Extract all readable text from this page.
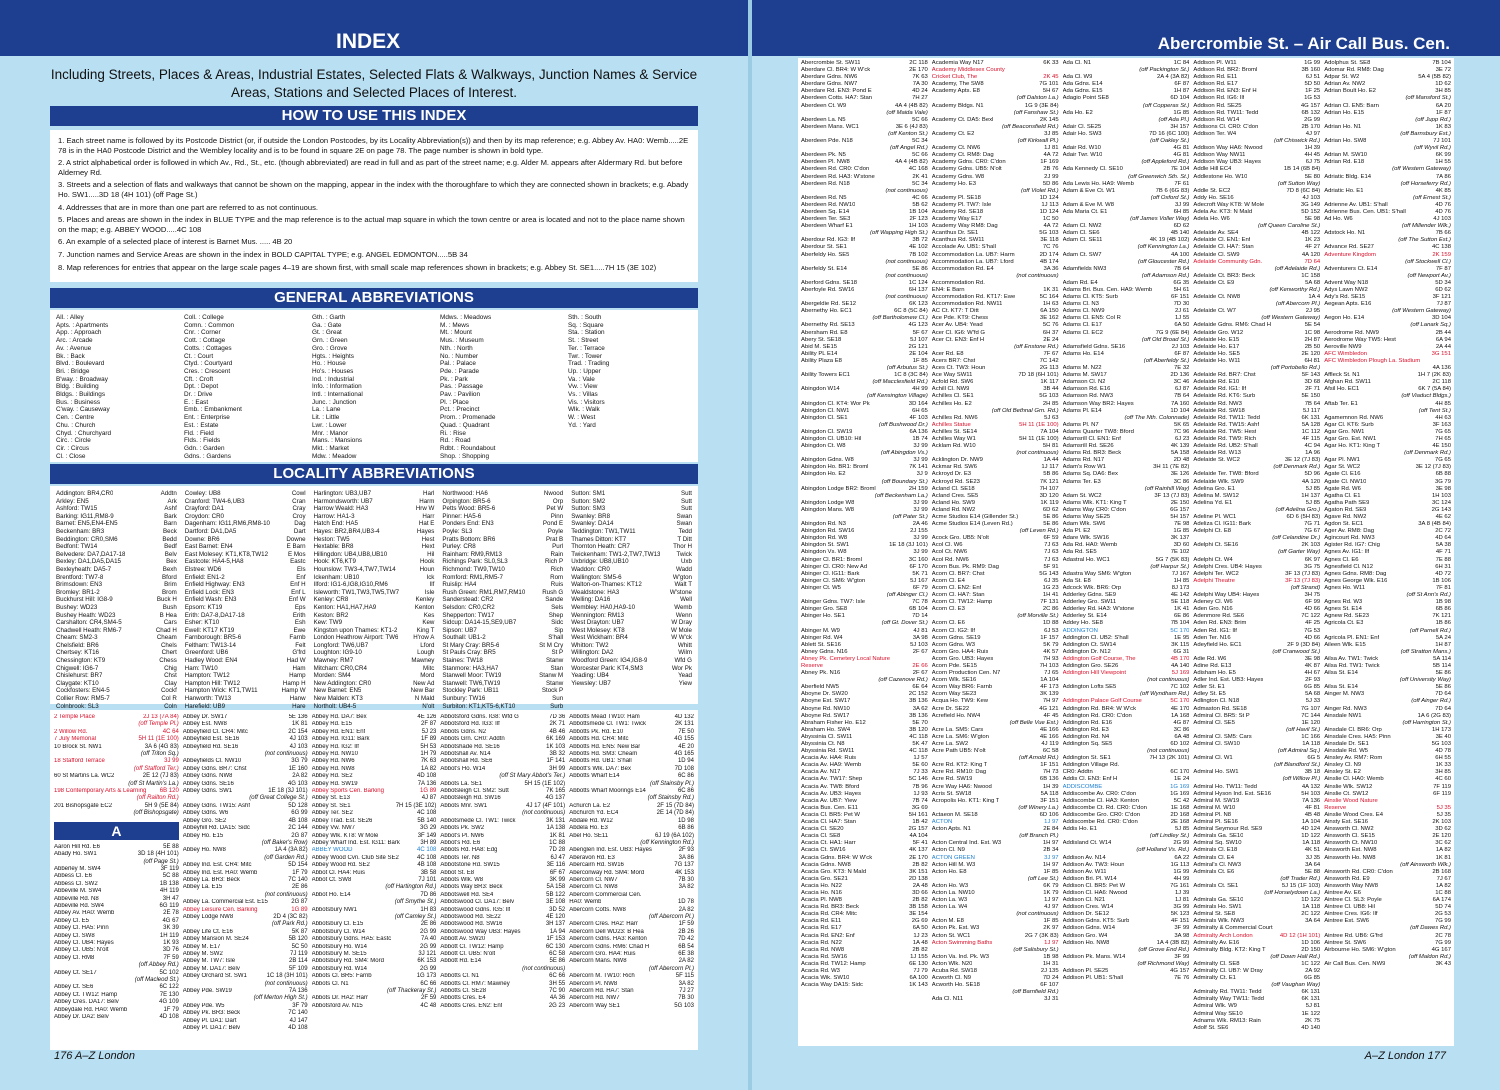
INDEX
Including Streets, Places & Areas, Industrial Estates, Selected Flats & Walkways, Junction Names & Service Areas, Stations and Selected Places of Interest.
HOW TO USE THIS INDEX
1. Each street name is followed by its Postcode District (or, if outside the London Postcodes, by its Locality Abbreviation(s)) and then by its map reference; e.g. Abbey Av. HA0: Wemb.....2E 78 is in the HA0 Postcode District and the Wembley locality and is to be found in square 2E on page 78. The page number is shown in bold type.
2. A strict alphabetical order is followed in which Av., Rd., St., etc. (though abbreviated) are read in full and as part of the street name; e.g. Alder M. appears after Aldermary Rd. but before Alderney Rd.
3. Streets and a selection of flats and walkways that cannot be shown on the mapping, appear in the index with the thoroughfare to which they are connected shown in brackets; e.g. Abady Ho. SW1.....3D 18 (4H 101) (off Page St.)
4. Addresses that are in more than one part are referred to as not continuous.
5. Places and areas are shown in the index in BLUE TYPE and the map reference is to the actual map square in which the town centre or area is located and not to the place name shown on the map; e.g. ABBEY WOOD.....4C 108
6. An example of a selected place of interest is Barnet Mus. ..... 4B 20
7. Junction names and Service Areas are shown in the index in BOLD CAPITAL TYPE; e.g. ANGEL EDMONTON.....5B 34
8. Map references for entries that appear on the large scale pages 4–19 are shown first, with small scale map references shown in brackets; e.g. Abbey St. SE1.....7H 15 (3E 102)
GENERAL ABBREVIATIONS
All. : Alley
Apts. : Apartments
App. : Approach
Arc. : Arcade
Av. : Avenue
Bk. : Back
Blvd. : Boulevard
Bri. : Bridge
B'way. : Broadway
Bldg. : Building
Bldgs. : Buildings
Bus. : Business
C'way. : Causeway
Cen. : Centre
Chu. : Church
Chyd. : Churchyard
Circ. : Circle
Cir. : Circus
Cl. : Close
Coll. : College
Comn. : Common
Cnr. : Corner
Cott. : Cottage
Cotts. : Cottages
Ct. : Court
Ctyd. : Courtyard
Cres. : Crescent
Cft. : Croft
Dpt. : Depot
Dr. : Drive
E. : East
Emb. : Embankment
Ent. : Enterprise
Est. : Estate
Fld. : Field
Flds. : Fields
Gdn. : Garden
Gdns. : Gardens
Gth. : Garth
Ga. : Gate
Gt. : Great
Grn. : Green
Gro. : Grove
Hgts. : Heights
Ho. : House
Ho's. : Houses
Ind. : Industrial
Info. : Information
Intl. : International
Junc. : Junction
La. : Lane
Lit. : Little
Lwr. : Lower
Mnr. : Manor
Mans. : Mansions
Mkt. : Market
Mdw. : Meadow
Mdws. : Meadows
M. : Mews
Mt. : Mount
Mus. : Museum
Nth. : North
No. : Number
Pal. : Palace
Pde. : Parade
Pk. : Park
Pas. : Passage
Pav. : Pavilion
Pl. : Place
Pct. : Precinct
Prom. : Promenade
Quad. : Quadrant
Ri. : Rise
Rd. : Road
Rdbt. : Roundabout
Shop. : Shopping
Sth. : South
Sq. : Square
Sta. : Station
St. : Street
Ter. : Terrace
Twr. : Tower
Trad. : Trading
Up. : Upper
Va. : Vale
Vw. : View
Vs. : Villas
Vis. : Visitors
Wlk. : Walk
W. : West
Yd. : Yard
LOCALITY ABBREVIATIONS
Addington: BR4,CR0	Addtn
Arkley: EN5	Ark
Ashford: TW15	Ashf
Barking: IG11,RM8-9	Bark
Barnet: EN5,EN4-EN5	Barn
Beckenham: BR3	Beck
Beddington: CR0,SM6	Bedd
Bedfont: TW14	Bedf
Belvedere: DA7,DA17-18	Belv
Bexley: DA1,DA5,DA15	Bex
Bexleyheath: DA5-7	Bexh
Brentford: TW7-8	Bford
Brimsdown: EN3	Brim
Bromley: BR1-2	Brom
Buckhurst Hill: IG8-9	Buck H
Bushey: WD23	Bush
Bushey Heath: WD23	B Hea
Carshalton: CR4,SM4-5	Cars
Chadwell Heath: RM6-7	Chad H
Cheam: SM2-3	Cheam
Chelsfield: BR6	Chels
Chertsey: KT16	Chert
Chessington: KT9	Chess
Chigwell: IG6-7	Chig
Chislehurst: BR7	Chst
Claygate: KT10	Clay
Cockfosters: EN4-5	Cockf
Collier Row: RM5-7	Col R
Colnbrook: SL3	Coln
Cowley: UB8	Cowl
Cranford: TW4-6,UB3	Cran
Crayford: DA1	Cray
Croydon: CR0	Croy
Dagenham: IG11,RM6,RM8-10	Dag
Dartford: DA1,DA5	Dart
Downe: BR6	Downe
East Barnet: EN4	E Barn
East Molesey: KT1,KT8,TW12	E Mos
Eastcote: HA4-5,HA8	Eastc
Elstree: WD6	Els
Enfield: EN1-2	Enf
Enfield Highway: EN3	Enf H
Enfield Lock: EN3	Enf L
Enfield Wash: EN3	Enf W
Epsom: KT19	Eps
Erith: DA7-8,DA17-18	Erith
Esher: KT10	Esh
Ewell: KT17 KT19	Ewe
Farnborough: BR5-6	Farnb
Feltham: TW13-14	Felt
Greenford: UB6	G'frd
Hadley Wood: EN4	Had W
Ham: TW10	Ham
Hampton: TW12	Hamp
Hampton Hill: TW12	Hamp H
Hampton Wick: KT1,TW11	Hamp W
Hanworth: TW13	Hanw
Harefield: UB9	Hare
Harlington: UB3,UB7	Harl
Harmondsworth: UB7	Harm
Harrow Weald: HA3	Hrw W
Harrow: HA1-3	Harr
Hatch End: HA5	Hat E
Hayes: BR2,BR4,UB3-4	Hayes
Heston: TW5	Hest
Hextable: BR8	Hext
Hillingdon: UB4,UB8,UB10	Hil
Hook: KT6,KT9	Hook
Hounslow: TW3-4,TW7,TW14	Houn
Ickenham: UB10	Ick
Ilford: IG1-6,IG8,IG10,RM6	Ilf
Isleworth: TW1,TW3,TW5,TW7	Isle
Kenley: CR8	Kenley
Kenton: HA1,HA7,HA9	Kenton
Keston: BR2	Kes
Kew: TW9	Kew
Kingston upon Thames: KT1-2	King T
London Heathrow Airport: TW6 H'row A
Longford: TW6,UB7	Lford
Loughton: IG9-10	Lough
Mawney: RM7	Mawney
Mitcham: CR0,CR4	Mitc
Morden: SM4	Mord
New Addington: CR0	New Ad
New Barnet: EN5	New Bar
New Malden: KT3	N Mald
Northolt: UB4-5	N'olt
Northwood: HA6	Nwood
Orpington: BR5-6	Orp
Petts Wood: BR5-6	Pet W
Pinner: HA5-6	Pinn
Ponders End: EN3	Pond E
Poyle: SL3	Poyle
Pratts Bottom: BR6	Prat B
Purley: CR8	Purl
Rainham: RM9,RM13	Rain
Richings Park: SL0,SL3	Rich P
Richmond: TW9,TW10	Rich
Romford: RM1,RM5-7	Rom
Ruislip: HA4	Ruis
Rush Green: RM1,RM7,RM10	Rush G
Sanderstead: CR2	Sande
Selsdon: CR0,CR2	Sels
Shepperton: TW17	Shep
Sidcup: DA14-15,SE9,UB7	Sidc
Sipson: UB7	Sip
Southall: UB1-2	S'hall
St Mary Cray: BR5-6	St M Cry
St Pauls Cray: BR5	St P
Staines: TW18	Stanw
Stanmore: HA3,HA7	Stan
Stanwell Moor: TW19	Stanw M
Stanwell: TW6,TW19	Stanw
Stockley Park: UB11	Stock P
Sunbury: TW16	Sun
Surbiton: KT1,KT5-6,KT10	Surb
Sutton: SM1	Sutt
Sutton: SM2	Sutt
Sutton: SM3	Sutt
Swanley: BR8	Swan
Swanley: DA14	Swan
Teddington: TW1,TW11	Tedd
Thames Ditton: KT7	T Ditt
Thornton Heath: CR7	Thor H
Twickenham: TW1-2,TW7,TW13	Twick
Uxbridge: UB8,UB10	Uxb
Waddon: CR0	Wadd
Wallington: SM5-6	W'gton
Walton-on-Thames: KT12	Walt T
Wealdstone: HA3	W'stone
Welling: DA16	Well
Wembley: HA0,HA9-10	Wemb
Wennington: RM13	Wenn
West Drayton: UB7	W Dray
West Molesey: KT8	W Mole
West Wickham: BR4	W W'ck
Whitton: TW2	Whitt
Willington: DA2	Wilm
Woodford Green: IG4,IG8-9	Wfd G
Worcester Park: KT4,SM3	Wor Pk
Yeading: UB4	Yead
Yiewsley: UB7	Yiew
2 Temple Place	2J 13 (7A 84)
(off Temple Pl.)
2 Willow Rd.	4C 64
7 July Memorial	5H 11 (1E 100)
10 Brock St. NW1	3A 6 (4G 83)
(off Triton Sq.)
18 Stafford Terrace	3J 99
(off Stafford Ter.)
60 St Martins La. WC2	2E 12 (7J 83)
(off St Martin's La.)
198 Contemporary Arts & Learning	6B 120
(off Railton Rd.)
201 Bishopsgate EC2	5H 9 (5E 84)
(off Bishopsgate)
A
Aaron Hill Rd. E6	5E 88
Abady Ho. SW1	3D 18 (4H 101)
(off Page St.)
Abberley M. SW4	3F 119
Abbess Cl. E6	5C 88
Abbess Cl. SW2	1B 138
Abbeville M. SW4	4H 119
Abbeville Rd. N8	3H 47
Abbeville Rd. SW4	6G 119
Abbey Av. HA0: Wemb	2E 78
Abbey Cl. E5	4G 67
Abbey Cl. HA5: Pinn	3K 39
Abbey Cl. SW8	1H 119
Abbey Cl. UB4: Hayes	1K 93
Abbey Cl. UB5: N'olt	3D 76
Abbey Cl. RM8	7F 59
(off Abbey Rd.)
Abbey Ct. SE17	5C 102
(off Macleod St.)
Abbey Ct. SE6	6C 122
Abbey Ct. TW12: Hamp	7E 130
Abbey Cres. DA17: Belv	4G 109
Abbeydale Rd. HA0: Wemb	1F 79
Abbey Dr. DA2: Belv	4D 108
Abbey Dr. SW17	5E 136
Abbey Est. NW8	1K 81
Abbeyfield Cl. CR4: Mitc	2C 154
Abbeyfield Est. SE16	4J 103
Abbeyfield Rd. SE16	4J 103
(not continuous)
Abbeyfields Cl. NW10	3G 79
Abbey Gdns. BR7: Chst	1E 160
Abbey Gdns. NW8	2A 82
Abbey Gdns. SE16	4G 103
Abbey Gdns. SW1	1E 18 (3J 101)
(off Great College St.)
Abbey Gdns. TW15: Ashf	5D 128
Abbey Gdns. W6	6G 99
Abbey Gro. SE2	4B 108
Abbeyhill Rd. DA15: Sidc	2C 144
Abbey Ho. E15	2G 87
(off Baker's Row)
Abbey Ho. NW8	1A 4 (3A 82)
(off Garden Rd.)
Abbey Ind. Est. CR4: Mitc	5D 154
Abbey Ind. Est. HA0: Wemb	1F 79
Abbey La. BR3: Beck	7C 140
Abbey La. E15	2E 86
(not continuous)
Abbey La. Commercial Est. E15	2G 87
Abbey Leisure Cen. Barking	1G 89
Abbey Lodge NW8	2D 4 (3C 82)
(off Park Rd.)
Abbey Life Ct. E16	5K 87
Abbey Mansion M. SE24	5B 120
Abbey M. E17	5C 50
Abbey M. SW2	7J 119
Abbey M. TW7: Isle	2B 114
Abbey M. DA17: Belv	5F 109
Abbey Orchard St. SW1	1C 18 (3H 101)
(not continuous)
Abbey Pde. SW19	7A 136
(off Merton High St.)
Abbey Pde. W5	3F 79
Abbey Pk. BR3: Beck	7C 140
Abbey Pl. DA1: Dart	4J 147
Abbey Pl. DA17: Belv	4D 108
Abbey Rd. DA7: Bex	4E 126
Abbey Rd. E15	2F 87
Abbey Rd. EN1: Enf	5J 23
Abbey Rd. IG11: Bark	1F 89
Abbey Rd. IG2: Ilf	5H 53
Abbey Rd. NW10	1H 79
Abbey Rd. NW6	7K 63
Abbey Rd. NW8	1A 82
Abbey Rd. SE2	4D 108
Abbey Rd. SW19	7A 136
Abbey Sports Cen. Barking	1G 89
Abbey St. E13	4J 87
Abbey St. SE1	7H 15 (3E 102)
Abbey Ter. SE2	4C 108
Abbey Trad. Est. SE26	5B 140
Abbey Vw. NW7	3G 29
Abbey Wlk. KT8: W Mole	3F 149
Abbey Wharf Ind. Est. IG11: Bark	3H 89
ABBEY WOOD	4C 108
Abbey Wood Cvn. Club Site SE2	4C 108
Abbey Wood Rd. SE2	4B 108
Abbot Cl. HA4: Ruis	3B 58
Abbot Ct. SW8	7J 101
(off Hartington Rd.)
Abbot Ho. E14	7D 86
(off Smythe St.)
Abbotsbury NW1	1H 83
(off Camley St.)
Abbotsbury Cl. E15	2E 86
Abbotsbury Cl. W14	2G 99
Abbotsbury Gdns. HA5: Eastc	7A 40
Abbotsbury Ho. W14	2G 99
Abbotsbury M. SE15	3J 121
Abbotsbury Rd. SM4: Mord	6K 153
Abbotsbury Rd. W14	2G 99
Abbots Cl. BR5: Farnb	1G 173
Abbots Cl. N1	6C 66
(off Thackeray St.)
Abbots Dr. HA2: Harr	2F 59
Abbotsford Av. N15	4C 48
Abbotsford Gdns. IG8: Wfd G	7D 36
Abbotsford Rd. IG3: Ilf	2K 71
Abbots Gdns. N2	4B 46
Abbots Grn. CR0: Addtn	6K 169
Abbotshade Rd. SE16	1K 103
Abbotshall Av. N14	3B 32
Abbotshall Rd. SE6	1F 141
Abbot's Ho. W14	3H 99
(off St Mary Abbot's Ter.)
Abbots La. SE1	5H 15 (1E 102)
Abbotsleigh Cl. SM2: Sutt	7K 165
Abbotsleigh Rd. SW16	4G 137
Abbots Mnr. SW1	4J 17 (4F 101)
(not continuous)
Abbotsmede Cl. TW1: Twick	3K 131
Abbots Pk. SW2	1A 138
Abbot's Pl. NW6	1K 81
Abbot's Rd. E6	1C 88
Abbots Rd. HA8: Edg	7D 28
Abbots Ter. N8	6J 47
Abbotstone Rd. SW15	3E 116
Abbot St. E8	6F 67
Abbots Wlk. W8	3K 99
Abbots Way BR3: Beck	5A 158
Abbotswell Rd. SE4	5B 122
Abbotswood Cl. DA17: Belv	3E 108
Abbotswood Gdns. IG5: Ilf	3D 52
Abbotswood Rd. SE22	4E 120
Abbotswood Rd. SW16	3H 137
Abbotswood Way UB3: Hayes	1A 94
Abbott Av. SW20	1F 153
Abbott Cl. TW12: Hamp	6C 130
Abbott Cl. UB5: N'olt	6C 58
Abbott Rd. E14	5E 86
(not continuous)
Abbotts Cl. N1	6C 66
Abbotts Cl. RM7: Mawney	3H 55
Abbotts Cl. SE28	7C 90
Abbotts Cres. E4	4A 36
Abbotts Cres. EN2: Enf	2G 23
Abbotts Mead TW10: Ham	4D 132
Abbottsmede Cl. TW1: Twick	2K 131
Abbotts Pk. Rd. E10	7E 50
Abbotts Rd. CR4: Mitc	4G 155
Abbotts Rd. EN5: New Bar	4E 20
Abbotts Rd. SM3: Cheam	4G 165
Abbotts Rd. UB1: S'hall	1D 94
Abbott's Wlk. DA7: Bex	7D 108
Abbotts Wharf E14	6C 86
(off Stainsby Pl.)
Abbotts Wharf Moorings E14	6C 86
(off Stainsby Rd.)
Achurch La. E2	2F 15 (7D 84)
Abchurch Yd. EC4	2E 14 (7D 84)
Abdale Rd. W12	1D 98
Abdela Ho. E3	6B 86
Abel Ho. SE11	6J 19 (6A 102)
(off Kennington Rd.)
Abenglen Ind. Est. UB3: Hayes	2F 93
Aberavon Rd. E3	3A 86
Abercairn Rd. SW16	7G 137
Aberconway Rd. SM4: Mord	4K 153
Abercorn Cl. NW7	7B 30
Abercorn Cl. NW8	3A 82
Abercorn Commercial Cen.
HA0: Wemb	1D 78
Abercorn Cotts. NW8	2A 82
(off Abercorn Pl.)
Abercorn Cres. HA2: Harr	1F 59
Abercorn Dell WD23: B Hea	2B 26
Abercorn Gdns. HA3: Kenton	7D 42
Abercorn Gdns. RM6: Chad H	6B 54
Abercorn Gro. HA4: Ruis	6E 38
Abercorn Mans. NW8	2A 82
(off Abercorn Pl.)
Abercorn M. TW10: Rich	5F 115
Abercorn Pl. NW8	3A 82
Abercorn Rd. HA7: Stan	7J 27
Abercorn Rd. NW7	7B 30
Abercorn Way SE1	5G 103
176 A–Z London
Abercrombie St. – Air Call Bus. Cen.
Abercrombie St. SW11	2C 118
Aberdare Cl. BR4: W W'ck	2E 170
Aberdare Gdns. NW6	7K 63
Aberdare Gdns. NW7	7A 30
Aberdare Rd. EN3: Pond E	4D 24
Aberdeen Cotts. HA7: Stan	7H 27
Aberdeen Ct. W9	4A 4 (4B 82)
(off Maida Vale)
Aberdeen La. N5	5C 66
Aberdeen Mans. WC1	3E 6 (4J 83)
(off Kenton St.)
Aberdeen Pde. N18	5C 34
(off Angel Rd.)
Aberdeen Pk. N5	5C 66
Aberdeen Pl. NW8	4A 4 (4B 82)
Aberdeen Rd. CR0: C'don	4C 168
Aberdeen Rd. HA3: W'stone	2K 41
Aberdeen Rd. N18	5C 34
(not continuous)
Aberdeen Rd. N5	4C 66
Aberdeen Rd. NW10	5B 62
Aberdeen Sq. E14	1B 104
Aberdeen Ter. SE3	2F 123
Aberdeen Wharf E1	1H 103
(off Wapping High St.)
Aberdour Rd. IG3: Ilf	3B 72
Aberdour St. SE1	4E 102
Aberfeldy Ho. SE5	7B 102
(not continuous)
Aberfeldy St. E14	5E 86
(not continuous)
Aberford Gdns. SE18	1C 124
Aberfoyle Rd. SW16	6H 137
(not continuous)
Abergeldie Rd. SE12	6K 123
Abernethy Ho. EC1	6C 8 (5C 84)
(off Bartholomew Cl.)
Abernethy Rd. SE13	4G 123
Abersham Rd. E8	5F 67
Abery St. SE18	5J 107
Abid M. SE15	2G 121
Ability PL E14	2E 104
Ability Plaza E8	1F 85
(off Arbutus St.)
Ability Towers EC1	1C 8 (3C 84)
(off Macclesfield Rd.)
Abingdon W14	4H 99
(off Kensington Village)
Abingdon Cl. KT4: Wor Pk	3D 164
Abingdon Cl. NW1	6H 65
Abingdon Cl. SE1	4F 103
(off Bushwood Dr.)
Abingdon Cl. SW19	6A 136
Abingdon Cl. UB10: Hil	1B 74
Abingdon Ct. W8	3J 99
(off Abingdon Vs.)
Abingdon Gdns. W8	3J 99
Abingdon Ho. BR1: Broml	7K 141
Abingdon Ho. E2	3J 9
(off Boundary St.)
Abingdon Lodge BR2: Broml	2H 159
(off Beckenham La.)
Abingdon Lodge W8	3J 99
Abingdon Mans. W8	3J 99
(off Pater St.)
Abingdon Rd. N3	2A 46
Abingdon Rd. SW16	2J 155
Abingdon Rd. W8	3J 99
Abingdon St. SW1	1E 18 (3J 101)
Abingdon Vs. W8	3J 99
Abinger Cl. BR1: Broml	3C 160
Abinger Cl. CR0: New Ad	6F 170
Abinger Cl. IG11: Bark	5K 71
Abinger Cl. SM6: W'gton	5J 167
Abinger Ct. W5	6F 79
(off Abinger Cl.)
Abinger Gdns. TW7: Isle	7C 78
Abinger Gro. SE8	6B 104
Abinger Ho. SE1	7D 14
(off Gt. Dover St.)
Abinger M. W9	4J 81
Abinger Rd. W4	3A 98
Ablett St. SE16	5J 103
Abney Gdns. N16	2F 67
Abney Pk. Cemetery Local Nature
Reserve	2E 66
Abney Pk. N16	2F 67
(off Cazenove Rd.)
Aberfield NW5	6E 64
Aboyne Dr. SW20	2C 152
Aboyne Est. SW17	3B 136
Aboyne Rd. NW10	3A 62
Aboyne Rd. SW17	3B 136
Abraham Fisher Ho. E12	5E 70
Abraham Ho. SW4	3B 120
Abyssinia Cl. SW11	4C 118
Abyssinia Ct. N8	5K 47
Abyssinia Rd. SW11	4C 118
Acacia Av. HA4: Ruis	1J 57
Acacia Av. HA9: Wemb	5E 60
Acacia Av. N17	7J 33
Acacia Av. TW17: Shep	5C 146
Acacia Av. TW8: Bford	7B 96
Acacia Av. UB3: Hayes	1J 93
Acacia Av. UB7: Yiew	7B 74
Acacia Bus. Cen. E11	3G 69
Acacia Cl. BR5: Pet W	5H 161
Acacia Cl. HA7: Stan	1B 42
Acacia Cl. SE20	2G 157
Acacia Cl. SE8	4A 104
Acacia Ct. HA1: Harr	5F 41
Acacia Ct. SW16	4K 137
Acacia Gdns. BR4: W W'ck	2E 170
Acacia Gdns. NW8	2B 82
Acacia Gro. KT3: N Mald	3K 151
Acacia Gro. SE21	2D 138
Acacia Ho. N22	2A 48
Acacia Ho. N16	3D 66
Acacia Pl. NW8	2B 82
Acacia Rd. BR3: Beck	3B 158
Acacia Rd. CR4: Mitc	3E 154
Acacia Rd. E11	2G 69
Acacia Rd. E17	6A 50
Acacia Rd. EN2: Enf	1J 23
Acacia Rd. N22	1A 48
Acacia Rd. NW8	2B 82
Acacia Rd. SW16	1J 155
Acacia Rd. TW12: Hamp	6E 130
Acacia Rd. W3	7J 79
Acacia Wik. SW10	6A 100
Acacia Way DA15: Sidc	1K 143
Academia Way N17	6K 33
Academy Middlesex County
Cricket Club, The	2K 45
Academy, The SW8	7G 101
Academy Apts. E8	5H 67
(off Dalston La.)
Academy Bldgs. N1	1G 9 (3E 84)
(off Fanshaw St.)
Academy Ct. DA5: Bexl	2K 145
(off Beaconsfield Rd.)
Academy Ct. E2	3J 85
(off Kirkwall Pl.)
Academy Ct. NW6	1J 81
Academy Ct. RM8: Dag	4A 72
Academy Gdns. CR0: C'don	1F 169
Academy Gdns. UB5: N'olt	2B 76
Academy Gdns. W8	2J 99
Academy Ho. E3	5D 86
(off Violet Rd.)
Academy Pl. SE18	1D 124
Academy Pl. TW7: Isle	1J 113
Academy Rd. SE18	1D 124
Academy Way E17	1C 50
Academy Way RM8: Dag	4A 72
Acanthus Dr. SE1	5G 103
Acanthus Rd. SW11	3E 118
Accolade Av. UB1: S'hall	7C 76
Accommodation La. UB7: Harm	2D 174
Accommodation La. UB7: Lford	4B 174
Accommodation Rd. E4	3A 36
(not continuous)
Accommodation Rd.
EN4: E Barn	1K 31
Accommodation Rd. KT17: Ewe	5C 164
Accommodation Rd. NW11	1H 63
AC Ct. KT7: T Ditt	6A 150
Ace Pde. KT9: Chess	3E 162
Acer Av. UB4: Yead	5C 76
Acer Cl. IG6: W'fd G	6H 37
Acer Ct. EN3: Enf H	2E 24
(off Enstone Rd.)
Acer Rd. E8	7F 67
Acers BR7: Chst	7C 142
Aces Ct. TW3: Houn	2G 113
Ace Way SW11	7D 18 (6H 101)
Acfold Rd. SW6	1K 117
Achill Cl. NW9	3B 44
Achilles Cl. SE1	5G 103
Achilles Ho. E2	2H 85
(off Old Bethnal Grn. Rd.)
Achilles Rd. NW6	5J 63
Achilles Statue	5H 11 (1E 100)
Achilles St. SE14	7A 104
Achilles Way W1	5H 11 (1E 100)
Acklam Rd. W10	5H 81
(not continuous)
Acklington Dr. NW9	1A 44
Ackmar Rd. SW6	1J 117
Ackroyd Dr. E3	5B 86
Ackroyd Rd. SE23	7K 121
Acland Cl. SE18	7H 107
Acland Cres. SE5	3D 120
Acland Ho. SW9	1K 119
Acland Rd. NW2	6D 62
Acme Studios E14 (Gillender St.)	5E 86
Acme Studios E14 (Leven Rd.)	5E 86
(off Leven Rd.)
Acock Gro. UB5: N'olt	6F 59
Acol Cl. W6	7J 63
Acol Ct. NW6	7J 63
Acol Rd. NW6	7J 63
Acorn Bus. Pk. RM9: Dag	5F 91
Acorn Cl. BR7: Chst	5G 143
Acorn Cl. E4	6J 35
Acorn Cl. EN2: Enf	1G 23
Acorn Cl. HA7: Stan	1H 41
Acorn Cl. TW12: Hamp	7F 131
Acorn Cl. E3	2C 86
(off Morville St.)
Acorn Cl. E6	1D 88
Acorn Cl. IG2: Ilf	6J 53
Acorn Gdns. SE19	1F 157
Acorn Gdns. W3	5K 79
Acorn Gro. HA4: Ruis	4K 57
Acorn Gro. UB3: Hayes	7H 93
Acorn Pde. SE15	7H 103
Acorn Production Cen. N7	7J 65
Acorn Wlk. SE16	1A 104
Acorn Way BR6: Farnb	4F 173
Acorn Way SE23	3K 139
Acqua Ho. TW9: Kew	7H 97
Acre Dr. SE22	4G 121
Acrefield Ho. NW4	4F 45
(off Belle Vue Est.)
Acre La. SM5: Cars	4E 166
Acre La. SM6: W'gton	4E 166
Acre La. SW2	4J 119
Acre Path UB5: N'olt	6C 58
(off Arnold Rd.)
Acre Rd. KT2: King T	1F 151
Acre Rd. RM10: Dag	7H 73
Acre Rd. SW19	6B 136
Acre Way HA6: Nwood	1H 39
Acris St. SW18	5A 118
Acropolis Ho. KT1: King T	3F 151
(off Winery La.)
Actaeon M. SE18	6D 106
ACTON	1J 97
Acton Apts. N1	2E 84
(off Branch Pl.)
Acton Central Ind. Est. W3	1H 97
Acton Cl. N9	2B 34
ACTON GREEN	3J 97
Acton Hill M. W3	1H 97
Acton Ho. E8	1F 85
(off Lee St.)
Acton Ho. W3	6K 79
Acton La. NW10	1K 79
Acton La. W3	1J 97
Acton La. W4	4J 97
(not continuous)
Acton M. E8	1F 85
Acton Pk. Est. W3	2K 97
Acton St. WC1	2G 7 (3K 83)
Acton Swimming Baths	1J 97
(off Salisbury St.)
Acton Va. Ind. Pk. W3	1B 98
Acton Wlk. N20	1H 31
Acuba Rd. SW18	2J 135
Acworth Cl. N9	7D 24
Acworth Ho. SE18	6F 107
(off Barnfield Rd.)
Ada Cl. N11	3J 31
Ada Cl. N1	1C 84
(off Packington St.)
Ada Cl. W9	2A 4 (3A 82)
Ada Gdns. E14	6F 87
Ada Gdns. E15	1H 87
Adagio Point SE8	6D 104
(off Copperas St.)
Ada Ho. E2	1G 85
(off Ada Pl.)
Adair Cl. SE25	3H 157
Adair Ho. SW3	7D 16 (6C 100)
(off Oakley St.)
Adair Rd. W10	4G 81
Adair Twr. W10	4G 81
(off Appleford Rd.)
Ada Kennedy Cl. SE10	7E 104
(off Greenwich Sth. St.)
Ada Lewis Ho. HA9: Wemb	7F 61
Adam & Eve Ct. W1	7B 6 (6G 83)
(off Oxford St.)
Adam & Eve M. W8	3J 99
Ada Maria Ct. E1	6H 85
(off James Voller Way)
Adam Cl. NW2	6D 62
Adam Cl. SE6	4B 140
Adam Cl. SE11	4K 19 (4B 102)
(off Kennington La.)
Adam Ct. SW7	4A 100
(off Gloucester Rd.)
Adamfields NW3	7B 64
(off Adamson Rd.)
Adam Rd. E4	6G 35
Adams Bri. Bus. Cen. HA9: Wemb	5H 61
Adams Cl. KT5: Surb	6F 151
Adams Cl. N3	7D 30
Adams Cl. NW9	2J 61
Adams Cl. EN5: Col R	1J 55
Adams Cl. E17	6A 50
Adams Cl. EC2	7G 9 (6E 84)
(off Old Broad St.)
Adamsfield Gdns. SE16	2J 103
Adams Ho. E14	6F 87
(off Aberfeldy St.)
Adams M. N22	7E 32
Adams M. SW17	2D 136
Adamson Cl. N2	3C 46
Adamson Rd. E16	6J 87
Adamson Rd. NW3	7B 64
Adamson Way BR2: Hayes	7A 160
Adams Pl. E14	1D 104
(off The Nth. Colonnade)
Adams Pl. N7	5K 65
Adams Quarter TW8: Bford	7C 96
Adamsrill Cl. EN1: Enf	6J 23
Adamsrill Rd. SE26	4K 139
Adams Rd. BR3: Beck	5A 158
Adams Rd. N17	2D 48
Adam's Row W1	3H 11 (7E 82)
Adams Sq. DA6: Bex	3E 126
Adams Ter. E3	3C 86
(off Rainhill Way)
Adam St. WC2	3F 13 (7J 83)
Adams Wlk. KT1: King T	2E 150
Adams Way CR0: C'don	6G 157
Adams Way SE25	5H 157
Adam Wlk. SW6	7E 98
Ada Pl. E2	1G 85
Adare Wlk. SW16	3K 137
Ada Rd. HA0: Wemb	3D 60
Ada Rd. SE5	7E 102
Adastral Ho. WC1	5G 7 (5K 83)
(off Harpur St.)
Adastra Way SM6: W'gton	7J 167
Ada St. E8	1H 85
Adcock Wlk. BR6: Orp	8J 173
Adderley Gdns. SE9	4E 142
Adderley Gro. SW11	5E 118
Adderley Rd. HA3: W'stone	1K 41
Adderley St. E14	6E 86
Addey Ho. SE8	7B 104
ADDINGTON	5C 170
Addington Cl. UB2: S'hall	1E 95
Addington Ct. SW14	3K 115
Addington Dr. N12	6G 31
Addington Golf Course, The	4B 170
Addington Gro. SE26	4A 140
Addington Hill Viewpoint	5J 169
(not continuous)
Addington Lofts SE5	7C 102
(off Wyndham Rd.)
Addington Palace Golf Course	5C 170
Addington Rd. BR4: W W'ck	4E 170
Addington Rd. CR0: C'don	1A 168
Addington Rd. E16	4G 87
Addington Rd. E3	3C 86
Addington Rd. N4	6A 48
Addington Sq. SE5	6D 102
(not continuous)
Addington St. SE1	7H 13 (2K 101)
Addington Village Rd.
CR0: Addtn	6C 170
Addis Cl. EN3: Enf H	1E 24
ADDISCOMBE	1G 169
Addiscombe Av. CR0: C'don	1G 169
Addiscombe Cl. HA3: Kenton	5C 42
Addiscombe Ct. Rd. CR0: C'don	1E 168
Addiscombe Gro. CR0: C'don	2D 168
Addiscombe Rd. CR0: C'don	2E 168
Addis Ho. E1	5J 85
(off Lindley St.)
Addisland Ct. W14	2G 99
(off Holland Vs. Rd.)
Addison Av. N14	6A 22
Addison Av. TW3: Houn	1G 113
Addison Av. W11	1G 99
Addison Bri. Pl. W14	4H 99
Addison Cl. BR5: Pet W	7G 161
Addison Cl. HA6: Nwood	1J 39
Addison Cl. N21	1J 81
Addison Cres. W14	3G 99
Addison Dr. SE12	5K 123
Addison Gdns. KT5: Surb	4F 151
Addison Gdns. W14	3F 99
Addison Gro. W4	3A 98
Addison Ho. NW8	1A 4 (3B 82)
(off Grove End Rd.)
Addison Pk. Mans. W14	3F 99
(off Richmond Way)
Addison Pl. SE25	4G 157
Addison Pl. UB1: S'hall	7E 76
Addison Pl. W11	1G 99
Addison Rd. BR2: Broml	3B 160
Addison Rd. E11	6J 51
Addison Rd. E17	5D 50
Addison Rd. EN3: Enf H	1F 25
Addison Rd. IG6: Ilf	1G 53
Addison Rd. SE25	4G 157
Addison Rd. TW11: Tedd	6B 132
Addison Rd. W14	2G 99
Addisons Cl. CR0: C'don	2B 170
Addison Ter. W4	4J 97
(off Chiswick Rd.)
Addison Way HA6: Nwood	1H 39
Addison Way NW11	4H 45
Addison Way UB3: Hayes	6J 75
Addle Hill EC4	1B 14 (6B 84)
Addlestone Ho. W10	5E 80
(off Sutton Way)
Addle St. EC2	7D 8 (6C 84)
Addy Ho. SE16	4J 103
Adecroft Way KT8: W Mole	3G 149
Adela Av. KT3: N Mald	5D 152
Adela Ho. W6	5E 98
(off Queen Caroline St.)
Adelaide Av. SE4	4B 122
Adelaide Cl. EN1: Enf	1K 23
Adelaide Cl. HA7: Stan	4F 27
Adelaide Cl. SW9	4A 120
Adelaide Community Gdn.	7D 64
(off Adelaide Rd.)
Adelaide Ct. BR3: Beck	1C 158
Adelaide Ct. E9	5A 68
(off Kenworthy Rd.)
Adelaide Ct. NW8	1A 4
(off Abercorn Pl.)
Adelaide Ct. W7	2J 95
(off Western Gateway)
Adelaide Gdns. RM6: Chad H	5E 54
Adelaide Gro. W12	1C 98
Adelaide Ho. E15	2H 87
Adelaide Ho. E17	2B 50
Adelaide Ho. SE5	2E 120
Adelaide Ho. W11	6H 81
(off Portobello Rd.)
Adelaide Rd. BR7: Chst	5F 143
Adelaide Rd. E10	3D 68
Adelaide Rd. IG1: Ilf	2F 71
Adelaide Rd. KT6: Surb	5E 150
Adelaide Rd. NW3	7B 64
Adelaide Rd. SW18	5J 117
Adelaide Rd. TW11: Tedd	6K 131
Adelaide Rd. TW15: Ashf	5A 128
Adelaide Rd. TW5: Hest	1C 112
Adelaide Rd. TW9: Rich	4F 115
Adelaide Rd. UB2: S'hall	4C 94
Adelaide Rd. W13	1A 96
Adelaide St. WC2	3E 12 (7J 83)
(off Denmark Rd.)
Adelaide Ter. TW8: Bford	5D 96
Adelaide Wlk. SW9	4A 120
Adelina Gro. E1	5J 85
Adelina M. SW12	1H 137
Adelina Yd. E1	5J 85
(off Adelina Gro.)
Adeline Pl. WC1	6D 6 (5H 83)
Adeliza Cl. IG11: Bark	7G 71
Adelphi Ct. E8	7G 67
(off Celandine Dr.)
Adelphi Ct. SE16	2K 103
(off Garter Way)
Adelphi Ct. W4	6K 97
Adelphi Cres. UB4: Hayes	3G 75
Adelphi Ter. WC2	3F 13 (7J 83)
Adelphi Theatre	3F 13 (7J 83)
(off Strand)
Adelphi Way UB4: Hayes	3H 75
Adeney Cl. W6	6F 99
Aden Gro. N16	4D 66
Adenmore Rd. SE6	7C 122
Aden Rd. EN3: Brim	4F 25
Aden Rd. IG1: Ilf	7G 53
Aden Ter. N16	4D 66
Adeyfield Ho. EC1	2F 9 (3D 84)
(off Cranwood St.)
Adie Rd. W6	3E 98
Adine Rd. E13	4K 87
Adisham Ho. E5	4H 67
Adler Ind. Est. UB3: Hayes	2F 93
Adler St. E1	6G 85
Adley St. E5	5A 68
Adlington Cl. N18	5J 33
Admaston Rd. SE18	7G 107
Admiral Cl. BR5: St P	7C 144
Admiral Cl. SE5	1E 120
(off Havil St.)
Admiral Cl. SM5: Cars	1C 166
Admiral Cl. SW10	1A 118
(off Admiral Sq.)
Admiral Cl. W1	6G 5
(off Blandford St.)
Admiral Ho. SW1	3B 18
(off Willow Pl.)
Admiral Ho. TW11: Tedd	4A 132
Admiral Hyson Ind. Est. SE16	5H 103
Admiral M. SW19	7A 136
Admiral M. W10	4F 81
Admiral Pl. N8	4B 48
Admiral Pl. SE16	1A 104
Admiral Seymour Rd. SE9	4D 124
Admirals Ga. SE10	1D 122
Admiral Sq. SW10	1A 118
Admirals Cl. E18	4K 51
Admirals Cl. E4	3J 35
Admiral's Cl. NW3	3A 64
Admirals Ct. E6	5E 88
(off Trader Rd.)
Admirals Ct. SE1	5J 15 (1F 103)
(off Horselydown La.)
Admirals Ga. SE10	1D 122
Admirals Ho. SW1	1A 118
Admiral St. SE8	2C 122
Admirals Wlk. NW3	3A 64
Admiralty & Commercial Court
Admiralty Arch London	4D 12 (1H 101)
Admiralty Av. E16	1D 106
Admiralty Bldg. KT2: King T	2D 150
(off Down Hall Rd.)
Admiralty Cl. SE8	1C 122
Admiralty Cl. UB7: W Dray	2A 92
Admiralty Ct. E1	6G 85
(off Vaughan Way)
Admiralty Rd. TW11: Tedd	6K 131
Admiralty Way TW11: Tedd	6K 131
Admiral Wlk. W9	5J 81
Admiral Way SE10	1E 122
Adnams Wlk. RM13: Rain	2K 75
Adolf St. SE6	4D 140
Adolphus St. SE8	7B 104
Adomar Rd. RM8: Dag	3E 72
Adpar St. W2	5A 4 (5B 82)
Adrian Av. NW2	1D 62
Adrian Boult Ho. E2	3H 85
(off Mansford St.)
Adrian Cl. EN5: Barn	6A 20
Adrian Ho. E15	1F 87
(off Jupp Rd.)
Adrian Ho. N1	1K 83
(off Barnsbury Est.)
Adrian Ho. SW8	7J 101
(off Wyvil Rd.)
Adrian M. SW10	6K 99
Adrian Rd. E18	1H 55
(off Western Gateway)
Adriatic Bldg. E14	7A 86
(off Horseferry Rd.)
Adriatic Ho. E1	4K 85
(off Ernest St.)
Adrienne Av. UB1: S'hall	4D 76
Adrienne Bus. Cen. UB1: S'hall	4D 76
Ad Ho. W6	4J 103
(off Millender Wlk.)
Adstock Ho. N1	7B 66
(off The Sutton Est.)
Advance Rd. SE27	4C 138
Adventure Kingdom	2K 159
(off Stockwell Cl.)
Adventurers Ct. E14	7F 87
(off Newport Av.)
Advent Way N18	5D 34
Adys Lawn NW2	6D 62
Ady's Rd. SE15	3F 121
Aegean Apts. E16	7J 87
(off Western Gateway)
Aegon Ho. E14	3D 104
(off Lanark Sq.)
Aerodrome Rd. NW9	2B 44
Aerodrome Way TW5: Hest	6A 94
Aeroville NW9	2A 44
AFC Wimbledon	3G 151
AFC Wimbledon Plough La. Stadium
4A 136
Affleck St. N1	1H 7 (2K 83)
Afghan Rd. SW11	2C 118
Afsil Ho. EC1	6K 7 (5A 84)
(off Viaduct Bldgs.)
Aftab Ter. E1	4H 85
(off Tent St.)
Agamemnon Rd. NW6	4H 63
Agar Cl. KT6: Surb	3F 163
Agar Gro. NW1	7G 65
Agar Gro. Est. NW1	7H 65
Agar Ho. KT1: King T	4E 150
(off Denmark Rd.)
Agar Pl. NW1	7G 65
Agar St. WC2	3E 12 (7J 83)
Agate Cl. E16	6B 88
Agate Cl. NW10	3G 79
Agate Rd. W6	3E 98
Agatha Cl. E1	1H 103
Agatha Path SE9	3C 124
Agaton Rd. SE9	2G 143
Agave Rd. NW2	4E 62
Agdon St. EC1	3A 8 (4B 84)
Ager Av. RM8: Dag	2C 72
Agincourt Rd. NW3	4D 64
Agister Rd. IG7: Chig	5A 38
Agnes Av. IG1: Ilf	4F 71
Agnes Cl. E6	7E 88
Agnesfield Cl. N12	6H 31
Agnes Gdns. RM8: Dag	4D 72
Agnes George Wlk. E16	1B 106
Agnes Ho. W11	7F 81
(off St Ann's Rd.)
Agnes Rd. W3	1B 98
Agnes St. E14	6B 86
Agnew Rd. SE23	7K 121
Agricola Ct. E3	1B 86
(off Parnell Rd.)
Agricola Pl. EN1: Enf	5A 24
Aileen Wlk. E15	1H 87
(off Stratton Mans.)
Ailsa Av. TW1: Twick	5A 114
Ailsa Rd. TW1: Twick	5B 114
Ailsa St. E14	5E 86
(off University Way)
Ailsa St. E14	5E 86
Ainger M. NW3	7D 64
(off Ainger Rd.)
Ainger Rd. NW3	7D 64
Ainsdale NW1	1A 6 (2G 83)
(off Harrington St.)
Ainsdale Cl. BR6: Orp	1H 173
Ainsdale Cres. HA5: Pinn	3E 40
Ainsdale Dr. SE1	5G 103
Ainsdale Rd. W5	4D 78
Ainsley Av. RM7: Rom	6H 55
Ainsley Cl. N9	1K 33
Ainsley St. E2	3H 85
Ainslie Cl. HA0: Wemb	4C 60
Ainslie Wlk. SW12	7F 119
Ainslie Ct. SW12	6F 119
Ainslie Wood Nature
Reserve	5J 35
Ainslie Wood Cres. E4	5J 35
Ainsty Est. SE16	2K 103
Ainsworth Cl. NW2	3D 62
Ainsworth Cl. SE15	2E 120
Ainsworth Ct. NW10	3C 62
Ainsworth Est. NW8	1A 82
Ainsworth Ho. NW8	1K 81
(off Ainsworth Wlk.)
Ainsworth Rd. CR0: C'don	2B 168
Ainsworth Rd. E9	7J 67
Ainsworth Way NW8	1A 82
Aintree Av. E6	1C 88
Aintree Cl. SL3: Poyle	6A 174
Aintree Cl. UB8: Hil	5D 74
Aintree Cres. IG6: Ilf	2G 53
Aintree Est. SW6	7G 99
(off Dawes Rd.)
Aintree Rd. UB6: G'frd	2C 78
Aintree St. SW6	7G 99
Airbourne Ho. SM6: W'gton	4G 167
(off Maldon Rd.)
Air Call Bus. Cen. NW9	3K 43
A–Z London 177
